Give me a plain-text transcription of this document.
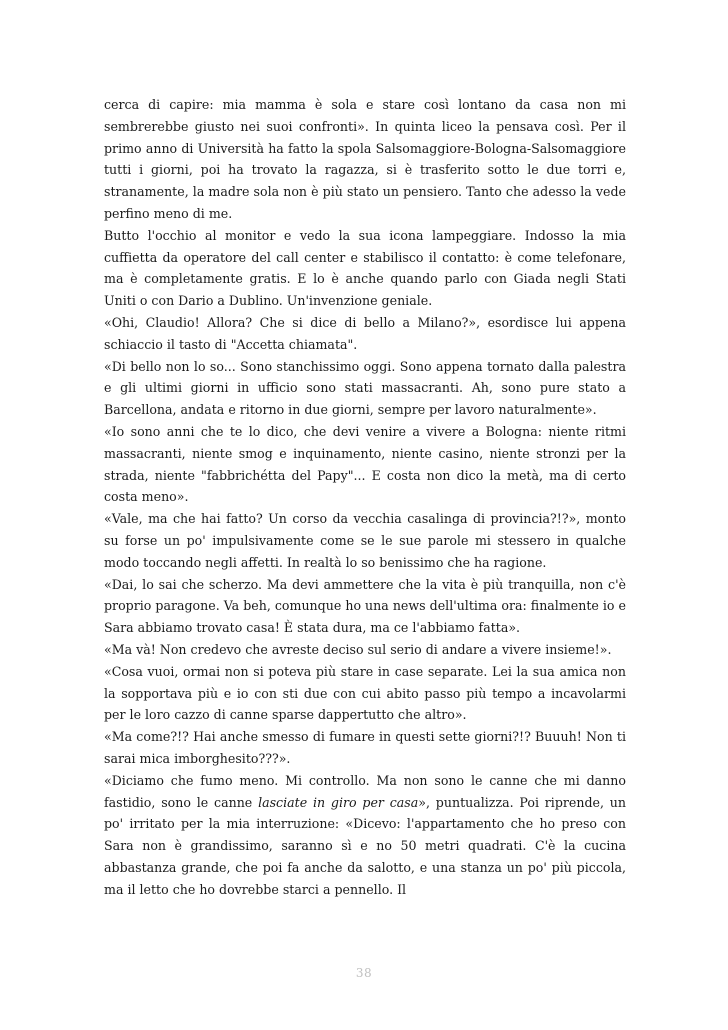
cerca di capire: mia mamma è sola e stare così lontano da casa non mi sembrerebbe giusto nei suoi confronti». In quinta liceo la pensava così. Per il primo anno di Università ha fatto la spola Salsomaggiore-Bologna-Salsomaggiore tutti i giorni, poi ha trovato la ragazza, si è trasferito sotto le due torri e, stranamente, la madre sola non è più stato un pensiero. Tanto che adesso la vede perfino meno di me.

Butto l'occhio al monitor e vedo la sua icona lampeggiare. Indosso la mia cuffietta da operatore del call center e stabilisco il contatto: è come telefonare, ma è completamente gratis. E lo è anche quando parlo con Giada negli Stati Uniti o con Dario a Dublino. Un'invenzione geniale.

«Ohi, Claudio! Allora? Che si dice di bello a Milano?», esordisce lui appena schiaccio il tasto di "Accetta chiamata".

«Di bello non lo so... Sono stanchissimo oggi. Sono appena tornato dalla palestra e gli ultimi giorni in ufficio sono stati massacranti. Ah, sono pure stato a Barcellona, andata e ritorno in due giorni, sempre per lavoro naturalmente».

«Io sono anni che te lo dico, che devi venire a vivere a Bologna: niente ritmi massacranti, niente smog e inquinamento, niente casino, niente stronzi per la strada, niente "fabbrichétta del Papy"... E costa non dico la metà, ma di certo costa meno».

«Vale, ma che hai fatto? Un corso da vecchia casalinga di provincia?!?», monto su forse un po' impulsivamente come se le sue parole mi stessero in qualche modo toccando negli affetti. In realtà lo so benissimo che ha ragione.

«Dai, lo sai che scherzo. Ma devi ammettere che la vita è più tranquilla, non c'è proprio paragone. Va beh, comunque ho una news dell'ultima ora: finalmente io e Sara abbiamo trovato casa! È stata dura, ma ce l'abbiamo fatta».

«Ma và! Non credevo che avreste deciso sul serio di andare a vivere insieme!».

«Cosa vuoi, ormai non si poteva più stare in case separate. Lei la sua amica non la sopportava più e io con sti due con cui abito passo più tempo a incavolarmi per le loro cazzo di canne sparse dappertutto che altro».

«Ma come?!? Hai anche smesso di fumare in questi sette giorni?!? Buuuh! Non ti sarai mica imborghesito???».

«Diciamo che fumo meno. Mi controllo. Ma non sono le canne che mi danno fastidio, sono le canne lasciate in giro per casa», puntualizza. Poi riprende, un po' irritato per la mia interruzione: «Dicevo: l'appartamento che ho preso con Sara non è grandissimo, saranno sì e no 50 metri quadrati. C'è la cucina abbastanza grande, che poi fa anche da salotto, e una stanza un po' più piccola, ma il letto che ho dovrebbe starci a pennello. Il

38
